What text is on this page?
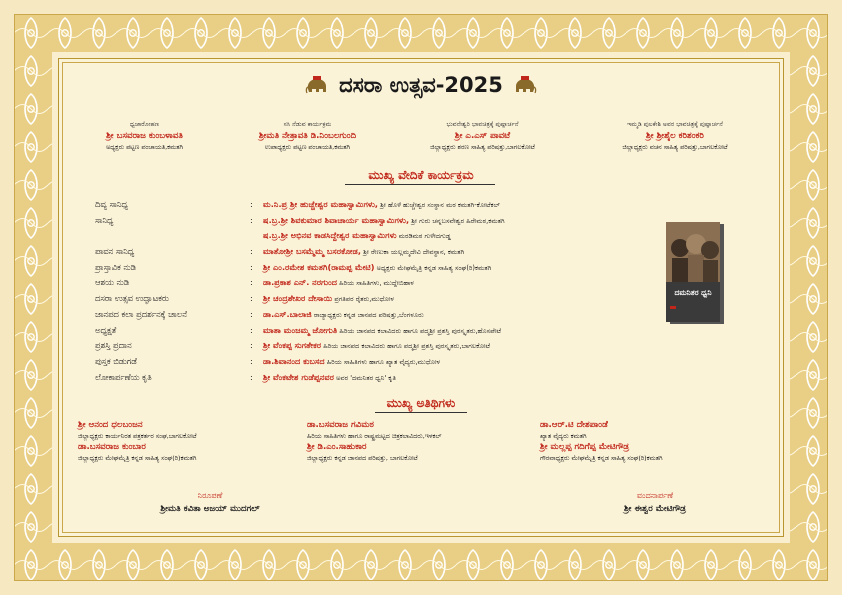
ದಸರಾ ಉತ್ಸವ-2025
ಧ್ವಜಾರೋಹಣ
ಶ್ರೀ ಬಸವರಾಜ ಕುಂಬಳಾವತಿ
ಅಧ್ಯಕ್ಷರು ಪಟ್ಟಣ ಪಂಚಾಯತಿ,ಕಮತಗಿ
ಸಸಿ ನೆಡುವ ಕಾರ್ಯಕ್ರಮ
ಶ್ರೀಮತಿ ನೇತ್ರಾವತಿ ಡಿ.ನಿಂಬಲಗುಂದಿ
ಉಪಾಧ್ಯಕ್ಷರು ಪಟ್ಟಣ ಪಂಚಾಯತಿ,ಕಮತಗಿ
ಭುವನೇಶ್ವರಿ ಭಾವಚಿತ್ರಕ್ಕೆ ಪುಷ್ಪಾರ್ಚನೆ
ಶ್ರೀ ಎ.ಎಸ್ ಪಾವಟೆ
ಜಿಲ್ಲಾಧ್ಯಕ್ಷರು ಶರಣ ಸಾಹಿತ್ಯ ಪರಿಷತ್ತು,ಬಾಗಲಕೋಟೆ
ಇಮ್ಮಡಿ ಪುಲಕೇಶಿ ಅವರ ಭಾವಚಿತ್ರಕ್ಕೆ ಪುಷ್ಪಾರ್ಚನೆ
ಶ್ರೀ ಶ್ರೀಶೈಲ ಕರಿಶಂಕರಿ
ಜಿಲ್ಲಾಧ್ಯಕ್ಷರು ವಚನ ಸಾಹಿತ್ಯ ಪರಿಷತ್ತು,ಬಾಗಲಕೋಟೆ
ಮುಖ್ಯ ವೇದಿಕೆ ಕಾರ್ಯಕ್ರಮ
ದಿವ್ಯ ಸಾನಿಧ್ಯ	: ಮ.ನಿ.ಪ್ರ ಶ್ರೀ ಹುಚ್ಚೇಶ್ವರ ಮಹಾಸ್ವಾಮಿಗಳು, ಶ್ರೀ ಹೊಳೆ ಹುಚ್ಚೇಶ್ವರ ಸಂಸ್ಥಾನ ಮಠ ಕಮತಗಿ-ಕೋಟೆಕಲ್
ಸಾನಿಧ್ಯ	: ಷ.ಬ್ರ.ಶ್ರೀ ಶಿವಕುಮಾರ ಶಿವಾಚಾರ್ಯ ಮಹಾಸ್ವಾಮಿಗಳು, ಶ್ರೀ ಗುರು ಚನ್ನಬಸವೇಶ್ವರ ಹಿರೇಮಠ,ಕಮತಗಿ
ಷ.ಬ್ರ.ಶ್ರೀ ಅಭಿನವ ಕಾಡಸಿದ್ದೇಶ್ವರ ಮಹಾಸ್ವಾಮಿಗಳು ಮರಡಿಮಠ ಗುಳೇದಗುಡ್ಡ
ಪಾವನ ಸಾನಿಧ್ಯ	: ಮಾತೋಶ್ರೀ ಬಸಮ್ಮೆಮ್ಮ ಬಸರಕೋಡ, ಶ್ರೀ ರೇಣುಕಾ ಯಲ್ಲಮ್ಮದೇವಿ ದೇವಸ್ಥಾನ, ಕಮತಗಿ
ಪ್ರಾಸ್ತಾವಿಕ ನುಡಿ	: ಶ್ರೀ ಎಂ.ರಮೇಶ ಕಮತಗಿ(ರಾಮಪ್ಪ ಮೇಟಿ) ಅಧ್ಯಕ್ಷರು ಮೇಘಮೈತ್ರಿ ಕನ್ನಡ ಸಾಹಿತ್ಯ ಸಂಘ(ರಿ)ಕಮತಗಿ
ಆಶಯ ನುಡಿ	: ಡಾ.ಪ್ರಕಾಶ ಎನ್. ನರಗುಂದ ಹಿರಿಯ ಸಾಹಿತಿಗಳು, ಮುದ್ದೇಬಿಹಾಳ
ದಸರಾ ಉತ್ಸವ ಉದ್ಘಾಟಕರು	: ಶ್ರೀ ಚಂದ್ರಶೇಖರ ದೇಸಾಯಿ ಪ್ರಗತಿಪರ ರೈತರು,ಮುಧೋಳ
ಜಾನಪದ ಕಲಾ ಪ್ರದರ್ಶನಕ್ಕೆ ಚಾಲನೆ	: ಡಾ.ಎಸ್.ಬಾಲಾಜಿ ರಾಜ್ಯಾಧ್ಯಕ್ಷರು ಕನ್ನಡ ಜಾನಪದ ಪರಿಷತ್ತು,ಬೆಂಗಳೂರು
ಅಧ್ಯಕ್ಷತೆ	: ಮಾತಾ ಮಂಜಮ್ಮ ಜೋಗುತಿ ಹಿರಿಯ ಜಾನಪದ ಕಲಾವಿದರು ಹಾಗೂ ಪದ್ಮಶ್ರೀ ಪ್ರಶಸ್ತಿ ಪುರಸ್ಕೃತರು,ಹೊಸಪೇಟೆ
ಪ್ರಶಸ್ತಿ ಪ್ರದಾನ	: ಶ್ರೀ ವೆಂಕಪ್ಪ ಸುಗತೇಕರ ಹಿರಿಯ ಜಾನಪದ ಕಲಾವಿದರು ಹಾಗೂ ಪದ್ಮಶ್ರೀ ಪ್ರಶಸ್ತಿ ಪುರಸ್ಕೃತರು,ಬಾಗಲಕೋಟೆ
ಪುಸ್ತಕ ಬಿಡುಗಡೆ	: ಡಾ.ಶಿವಾನಂದ ಕುಬಸದ ಹಿರಿಯ ಸಾಹಿತಿಗಳು ಹಾಗೂ ಖ್ಯಾತ ವೈದ್ಯರು,ಮುಧೋಳ
ಲೋಕಾರ್ಪಣೆಯ ಕೃತಿ	: ಶ್ರೀ ವೆಂಕಟೇಶ ಗುಡೆಪ್ಪನವರ ಅವರ 'ದಮನಿತರ ಧ್ವನಿ' ಕೃತಿ
ದಮನಿತರ ಧ್ವನಿ
ಮುಖ್ಯ ಅತಿಥಿಗಳು
ಶ್ರೀ ಆನಂದ ಧಲಬಂಜನ
ಜಿಲ್ಲಾಧ್ಯಕ್ಷರು ಕಾರ್ಯನಿರತ ಪತ್ರಕರ್ತರ ಸಂಘ,ಬಾಗಲಕೋಟೆ
ಡಾ.ಬಸವರಾಜ ಕುಂಬಾರ
ಜಿಲ್ಲಾಧ್ಯಕ್ಷರು ಮೇಘಮೈತ್ರಿ ಕನ್ನಡ ಸಾಹಿತ್ಯ ಸಂಘ(ರಿ)ಕಮತಗಿ
ಡಾ.ಬಸವರಾಜ ಗವಿಮಠ
ಹಿರಿಯ ಸಾಹಿತಿಗಳು ಹಾಗೂ ರಾಷ್ಟ್ರಮಟ್ಟದ ಚಿತ್ರಕಲಾವಿದರು,ಇಳಕಲ್
ಶ್ರೀ ಡಿ.ಎಂ.ಸಾಹುಕಾರ
ಜಿಲ್ಲಾಧ್ಯಕ್ಷರು ಕನ್ನಡ ಜಾನಪದ ಪರಿಷತ್ತು, ಬಾಗಲಕೋಟೆ
ಡಾ.ಆರ್.ಟಿ ದೇಶಪಾಂಡೆ
ಖ್ಯಾತ ವೈದ್ಯರು ಕಮತಗಿ
ಶ್ರೀ ಮಲ್ಲಪ್ಪ ಗದಿಗೆಪ್ಪ ಮೇಟಿಗೌಡ್ರ
ಗೌರವಾಧ್ಯಕ್ಷರು ಮೇಘಮೈತ್ರಿ ಕನ್ನಡ ಸಾಹಿತ್ಯ ಸಂಘ(ರಿ)ಕಮತಗಿ
ನಿರೂಪಣೆ
ಶ್ರೀಮತಿ ಕವಿತಾ ಅಜಯ್ ಮುದಗಲ್
ವಂದನಾರ್ಪಣೆ
ಶ್ರೀ ಈಶ್ವರ ಮೇಟಿಗೌಡ್ರ
